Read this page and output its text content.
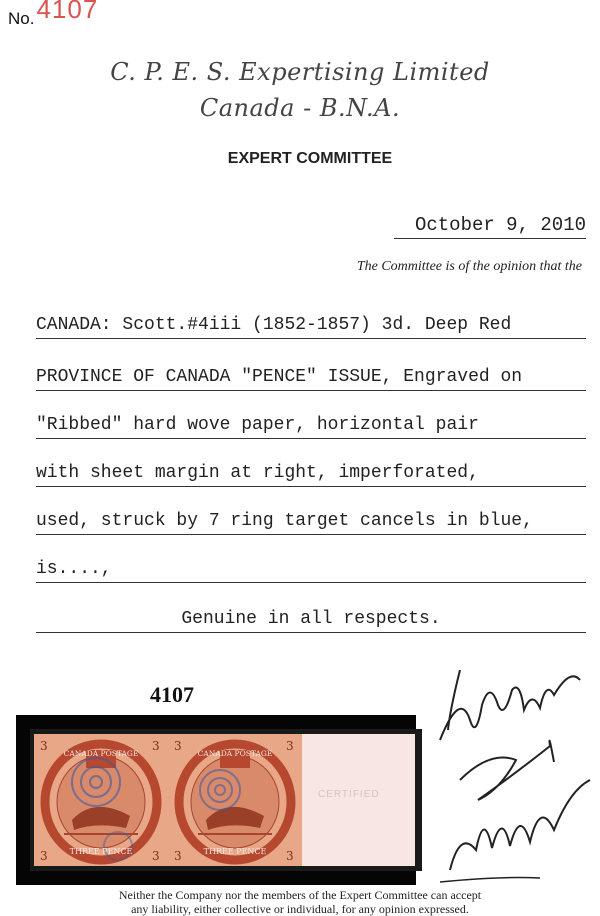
No.4107
C. P. E. S. Expertising Limited
Canada - B.N.A.
EXPERT COMMITTEE
October 9, 2010
The Committee is of the opinion that the
CANADA: Scott.#4iii (1852-1857) 3d. Deep Red
PROVINCE OF CANADA "PENCE" ISSUE, Engraved on
"Ribbed" hard wove paper, horizontal pair
with sheet margin at right, imperforated,
used, struck by 7 ring target cancels in blue,
is....,
Genuine in all respects.
4107
3	3
3	3
CANADA POSTAGE
THREE PENCE
3	3
3	3
CANADA POSTAGE
THREE PENCE
CERTIFIED
Neither the Company nor the members of the Expert Committee can accept
any liability, either collective or individual, for any opinion expressed.
